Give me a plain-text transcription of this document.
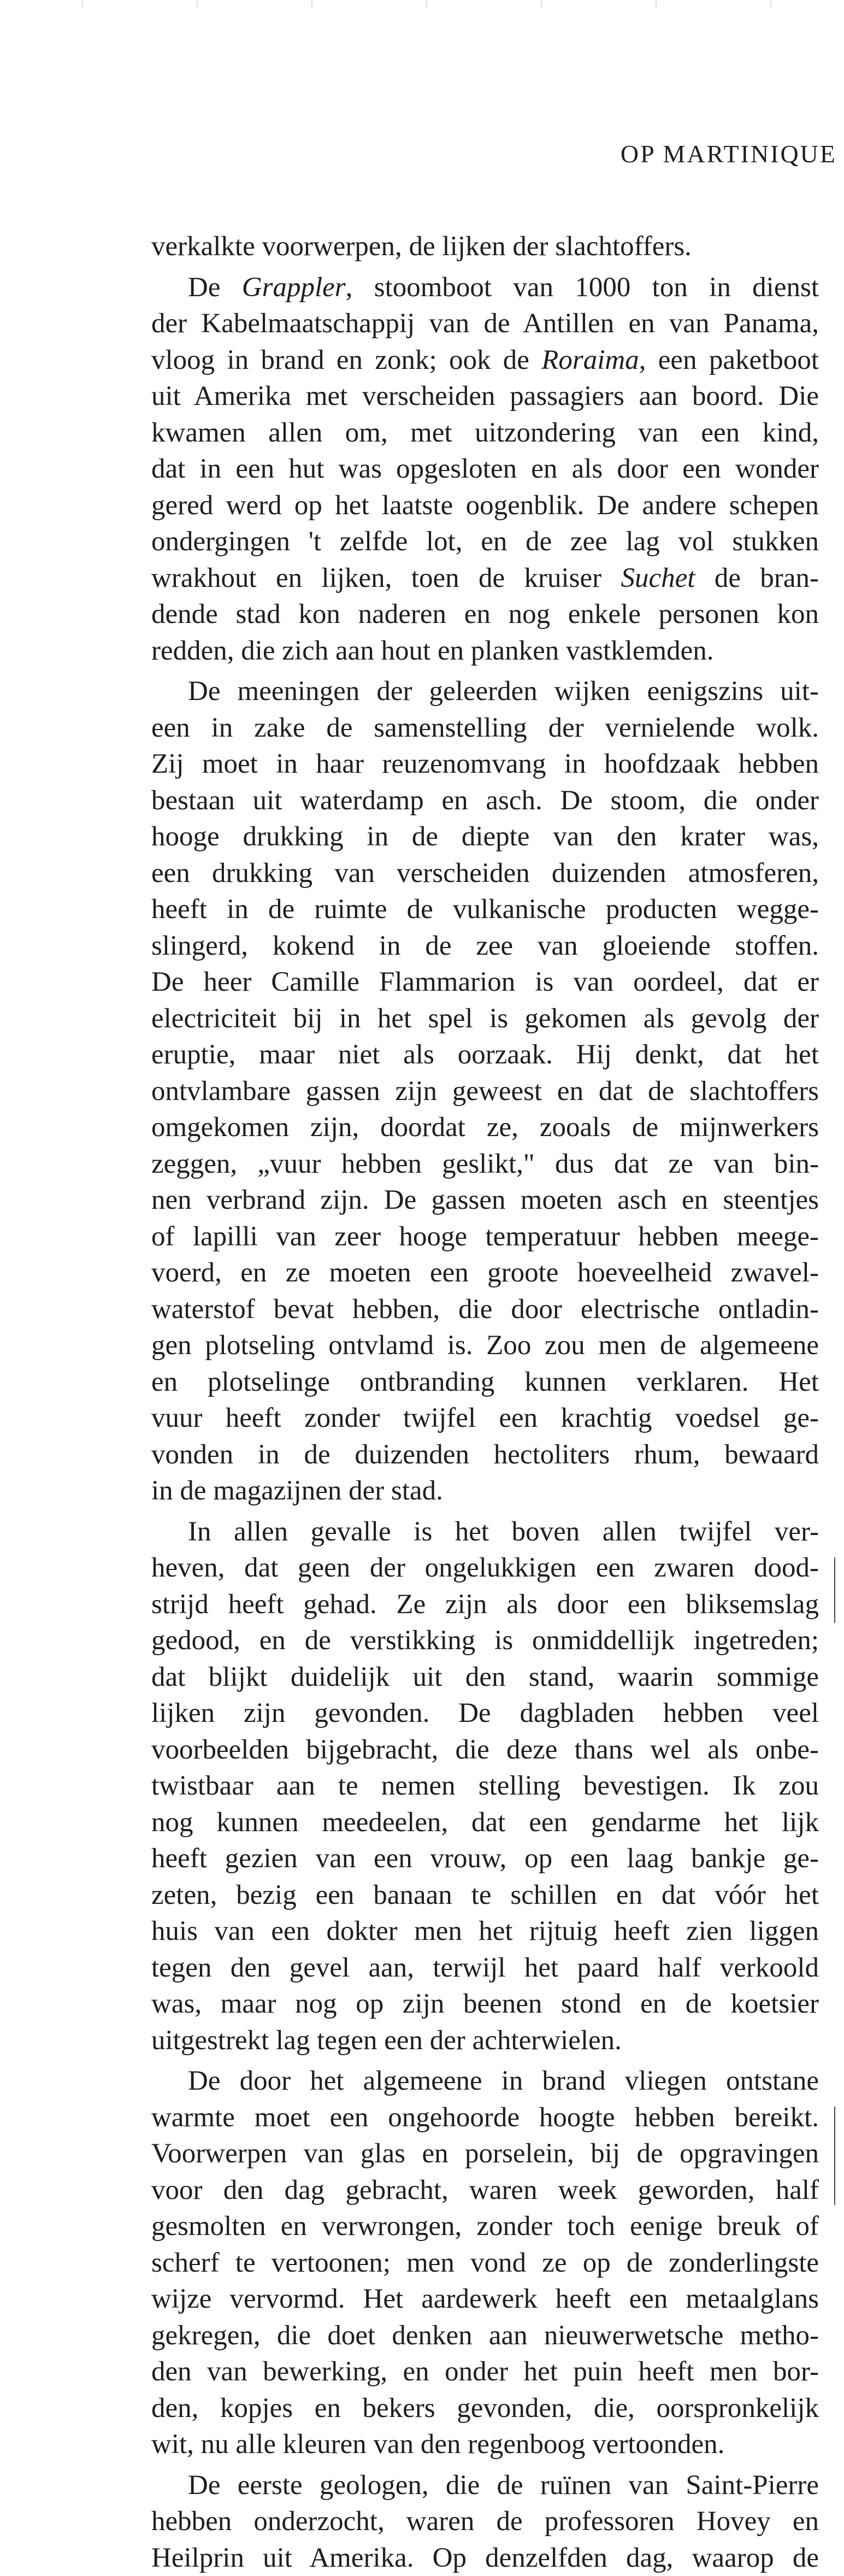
OP MARTINIQUE
verkalkte voorwerpen, de lijken der slachtoffers.
De Grappler, stoomboot van 1000 ton in dienst
der Kabelmaatschappij van de Antillen en van Panama,
vloog in brand en zonk; ook de Roraima, een paketboot
uit Amerika met verscheiden passagiers aan boord. Die
kwamen allen om, met uitzondering van een kind,
dat in een hut was opgesloten en als door een wonder
gered werd op het laatste oogenblik. De andere schepen
ondergingen 't zelfde lot, en de zee lag vol stukken
wrakhout en lijken, toen de kruiser Suchet de bran-
dende stad kon naderen en nog enkele personen kon
redden, die zich aan hout en planken vastklemden.
De meeningen der geleerden wijken eenigszins uit-
een in zake de samenstelling der vernielende wolk.
Zij moet in haar reuzenomvang in hoofdzaak hebben
bestaan uit waterdamp en asch. De stoom, die onder
hooge drukking in de diepte van den krater was,
een drukking van verscheiden duizenden atmosferen,
heeft in de ruimte de vulkanische producten wegge-
slingerd, kokend in de zee van gloeiende stoffen.
De heer Camille Flammarion is van oordeel, dat er
electriciteit bij in het spel is gekomen als gevolg der
eruptie, maar niet als oorzaak. Hij denkt, dat het
ontvlambare gassen zijn geweest en dat de slachtoffers
omgekomen zijn, doordat ze, zooals de mijnwerkers
zeggen, „vuur hebben geslikt," dus dat ze van bin-
nen verbrand zijn. De gassen moeten asch en steentjes
of lapilli van zeer hooge temperatuur hebben meege-
voerd, en ze moeten een groote hoeveelheid zwavel-
waterstof bevat hebben, die door electrische ontladin-
gen plotseling ontvlamd is. Zoo zou men de algemeene
en plotselinge ontbranding kunnen verklaren. Het
vuur heeft zonder twijfel een krachtig voedsel ge-
vonden in de duizenden hectoliters rhum, bewaard
in de magazijnen der stad.
In allen gevalle is het boven allen twijfel ver-
heven, dat geen der ongelukkigen een zwaren dood-
strijd heeft gehad. Ze zijn als door een bliksemslag
gedood, en de verstikking is onmiddellijk ingetreden;
dat blijkt duidelijk uit den stand, waarin sommige
lijken zijn gevonden. De dagbladen hebben veel
voorbeelden bijgebracht, die deze thans wel als onbe-
twistbaar aan te nemen stelling bevestigen. Ik zou
nog kunnen meedeelen, dat een gendarme het lijk
heeft gezien van een vrouw, op een laag bankje ge-
zeten, bezig een banaan te schillen en dat vóór het
huis van een dokter men het rijtuig heeft zien liggen
tegen den gevel aan, terwijl het paard half verkoold
was, maar nog op zijn beenen stond en de koetsier
uitgestrekt lag tegen een der achterwielen.
De door het algemeene in brand vliegen ontstane
warmte moet een ongehoorde hoogte hebben bereikt.
Voorwerpen van glas en porselein, bij de opgravingen
voor den dag gebracht, waren week geworden, half
gesmolten en verwrongen, zonder toch eenige breuk of
scherf te vertoonen; men vond ze op de zonderlingste
wijze vervormd. Het aardewerk heeft een metaalglans
gekregen, die doet denken aan nieuwerwetsche metho-
den van bewerking, en onder het puin heeft men bor-
den, kopjes en bekers gevonden, die, oorspronkelijk
wit, nu alle kleuren van den regenboog vertoonden.
De eerste geologen, die de ruïnen van Saint-Pierre
hebben onderzocht, waren de professoren Hovey en
Heilprin uit Amerika. Op denzelfden dag, waarop de
